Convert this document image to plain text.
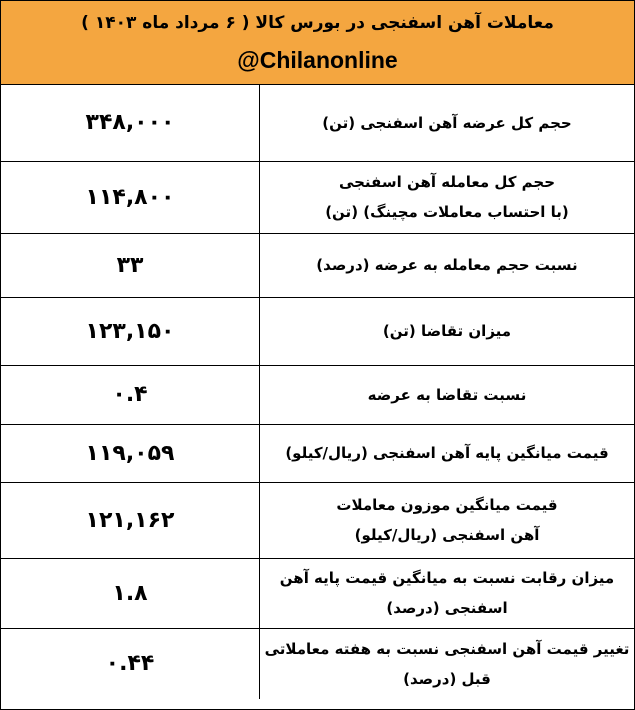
معاملات آهن اسفنجی در بورس کالا ( ۶ مرداد ماه ۱۴۰۳ )
@Chilanonline
حجم کل عرضه آهن اسفنجی (تن)	۳۴۸,۰۰۰
حجم کل معامله آهن اسفنجی
(با احتساب معاملات مچینگ) (تن)	۱۱۴,۸۰۰
نسبت حجم معامله به عرضه (درصد)	۳۳
میزان تقاضا (تن)	۱۲۳,۱۵۰
نسبت تقاضا به عرضه	۰.۴
قیمت میانگین پایه آهن اسفنجی (ریال/کیلو)	۱۱۹,۰۵۹
قیمت میانگین موزون معاملات
آهن اسفنجی (ریال/کیلو)	۱۲۱,۱۶۲
میزان رقابت نسبت به میانگین قیمت پایه آهن
اسفنجی (درصد)	۱.۸
تغییر قیمت آهن اسفنجی نسبت به هفته معاملاتی
قبل (درصد)	۰.۴۴
